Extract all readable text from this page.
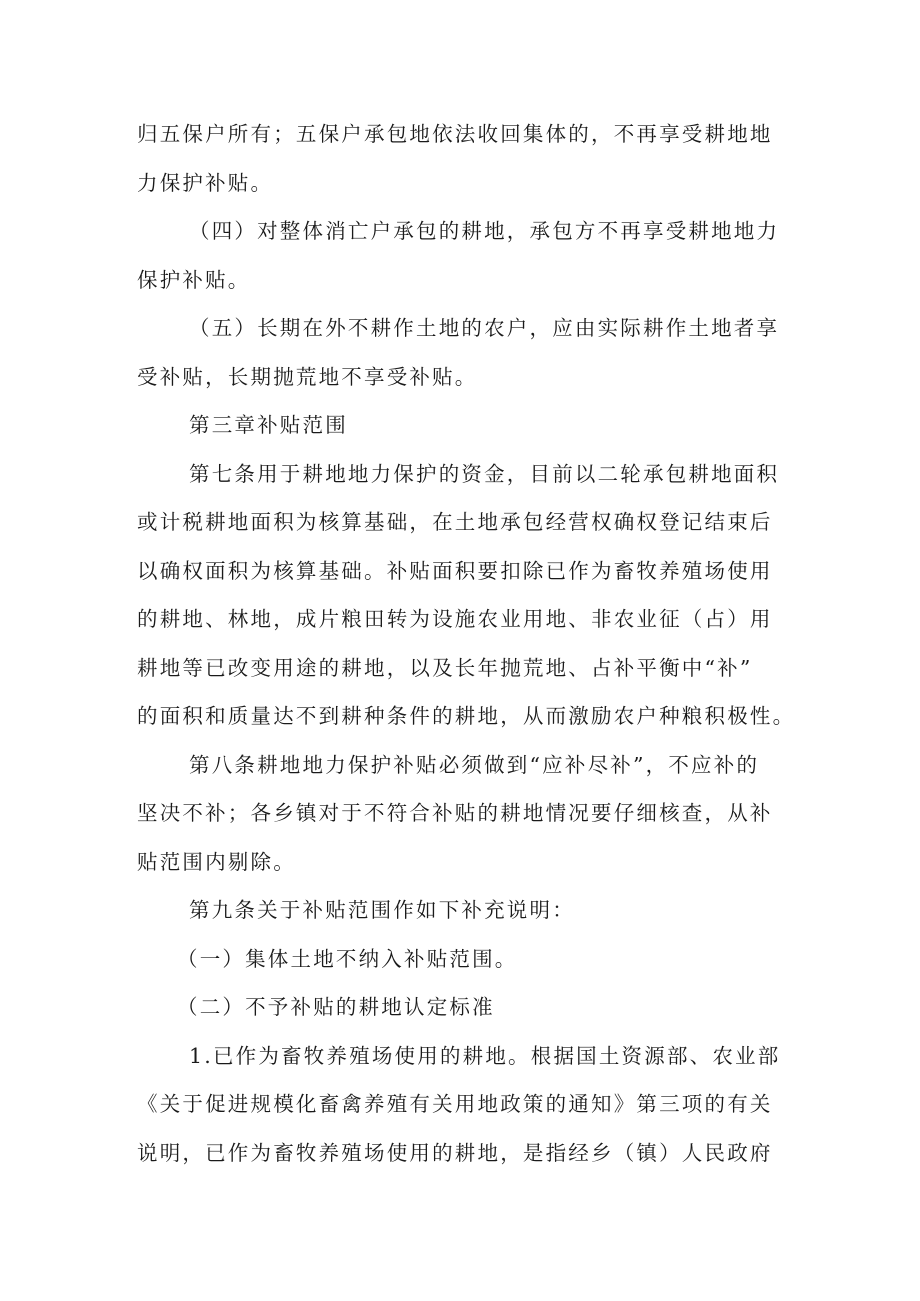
归五保户所有；五保户承包地依法收回集体的，不再享受耕地地
力保护补贴。

（四）对整体消亡户承包的耕地，承包方不再享受耕地地力
保护补贴。

（五）长期在外不耕作土地的农户，应由实际耕作土地者享
受补贴，长期抛荒地不享受补贴。

第三章补贴范围

第七条用于耕地地力保护的资金，目前以二轮承包耕地面积
或计税耕地面积为核算基础，在土地承包经营权确权登记结束后
以确权面积为核算基础。补贴面积要扣除已作为畜牧养殖场使用
的耕地、林地，成片粮田转为设施农业用地、非农业征（占）用
耕地等已改变用途的耕地，以及长年抛荒地、占补平衡中“补”
的面积和质量达不到耕种条件的耕地，从而激励农户种粮积极性。

第八条耕地地力保护补贴必须做到“应补尽补”，不应补的
坚决不补；各乡镇对于不符合补贴的耕地情况要仔细核查，从补
贴范围内剔除。

第九条关于补贴范围作如下补充说明：

（一）集体土地不纳入补贴范围。

（二）不予补贴的耕地认定标准

1.已作为畜牧养殖场使用的耕地。根据国土资源部、农业部
《关于促进规模化畜禽养殖有关用地政策的通知》第三项的有关
说明，已作为畜牧养殖场使用的耕地，是指经乡（镇）人民政府
